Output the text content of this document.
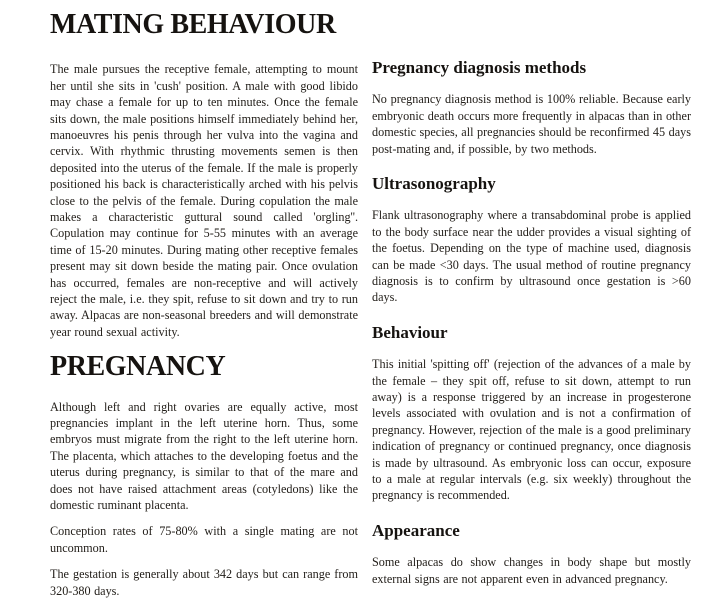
MATING BEHAVIOUR

The male pursues the receptive female, attempting to mount her until she sits in 'cush' position. A male with good libido may chase a female for up to ten minutes. Once the female sits down, the male positions himself immediately behind her, manoeuvres his penis through her vulva into the vagina and cervix. With rhythmic thrusting movements semen is then deposited into the uterus of the female. If the male is properly positioned his back is characteristically arched with his pelvis close to the pelvis of the female. During copulation the male makes a characteristic guttural sound called 'orgling''. Copulation may continue for 5-55 minutes with an average time of 15-20 minutes. During mating other receptive females present may sit down beside the mating pair. Once ovulation has occurred, females are non-receptive and will actively reject the male, i.e. they spit, refuse to sit down and try to run away. Alpacas are non-seasonal breeders and will demonstrate year round sexual activity.

PREGNANCY

Although left and right ovaries are equally active, most pregnancies implant in the left uterine horn. Thus, some embryos must migrate from the right to the left uterine horn. The placenta, which attaches to the developing foetus and the uterus during pregnancy, is similar to that of the mare and does not have raised attachment areas (cotyledons) like the domestic ruminant placenta.

Conception rates of 75-80% with a single mating are not uncommon.

The gestation is generally about 342 days but can range from 320-380 days.

Pregnancy diagnosis methods

No pregnancy diagnosis method is 100% reliable. Because early embryonic death occurs more frequently in alpacas than in other domestic species, all pregnancies should be reconfirmed 45 days post-mating and, if possible, by two methods.

Ultrasonography

Flank ultrasonography where a transabdominal probe is applied to the body surface near the udder provides a visual sighting of the foetus. Depending on the type of machine used, diagnosis can be made <30 days. The usual method of routine pregnancy diagnosis is to confirm by ultrasound once gestation is >60 days.

Behaviour

This initial 'spitting off' (rejection of the advances of a male by the female – they spit off, refuse to sit down, attempt to run away) is a response triggered by an increase in progesterone levels associated with ovulation and is not a confirmation of pregnancy. However, rejection of the male is a good preliminary indication of pregnancy or continued pregnancy, once diagnosis is made by ultrasound. As embryonic loss can occur, exposure to a male at regular intervals (e.g. six weekly) throughout the pregnancy is recommended.

Appearance

Some alpacas do show changes in body shape but mostly external signs are not apparent even in advanced pregnancy.
